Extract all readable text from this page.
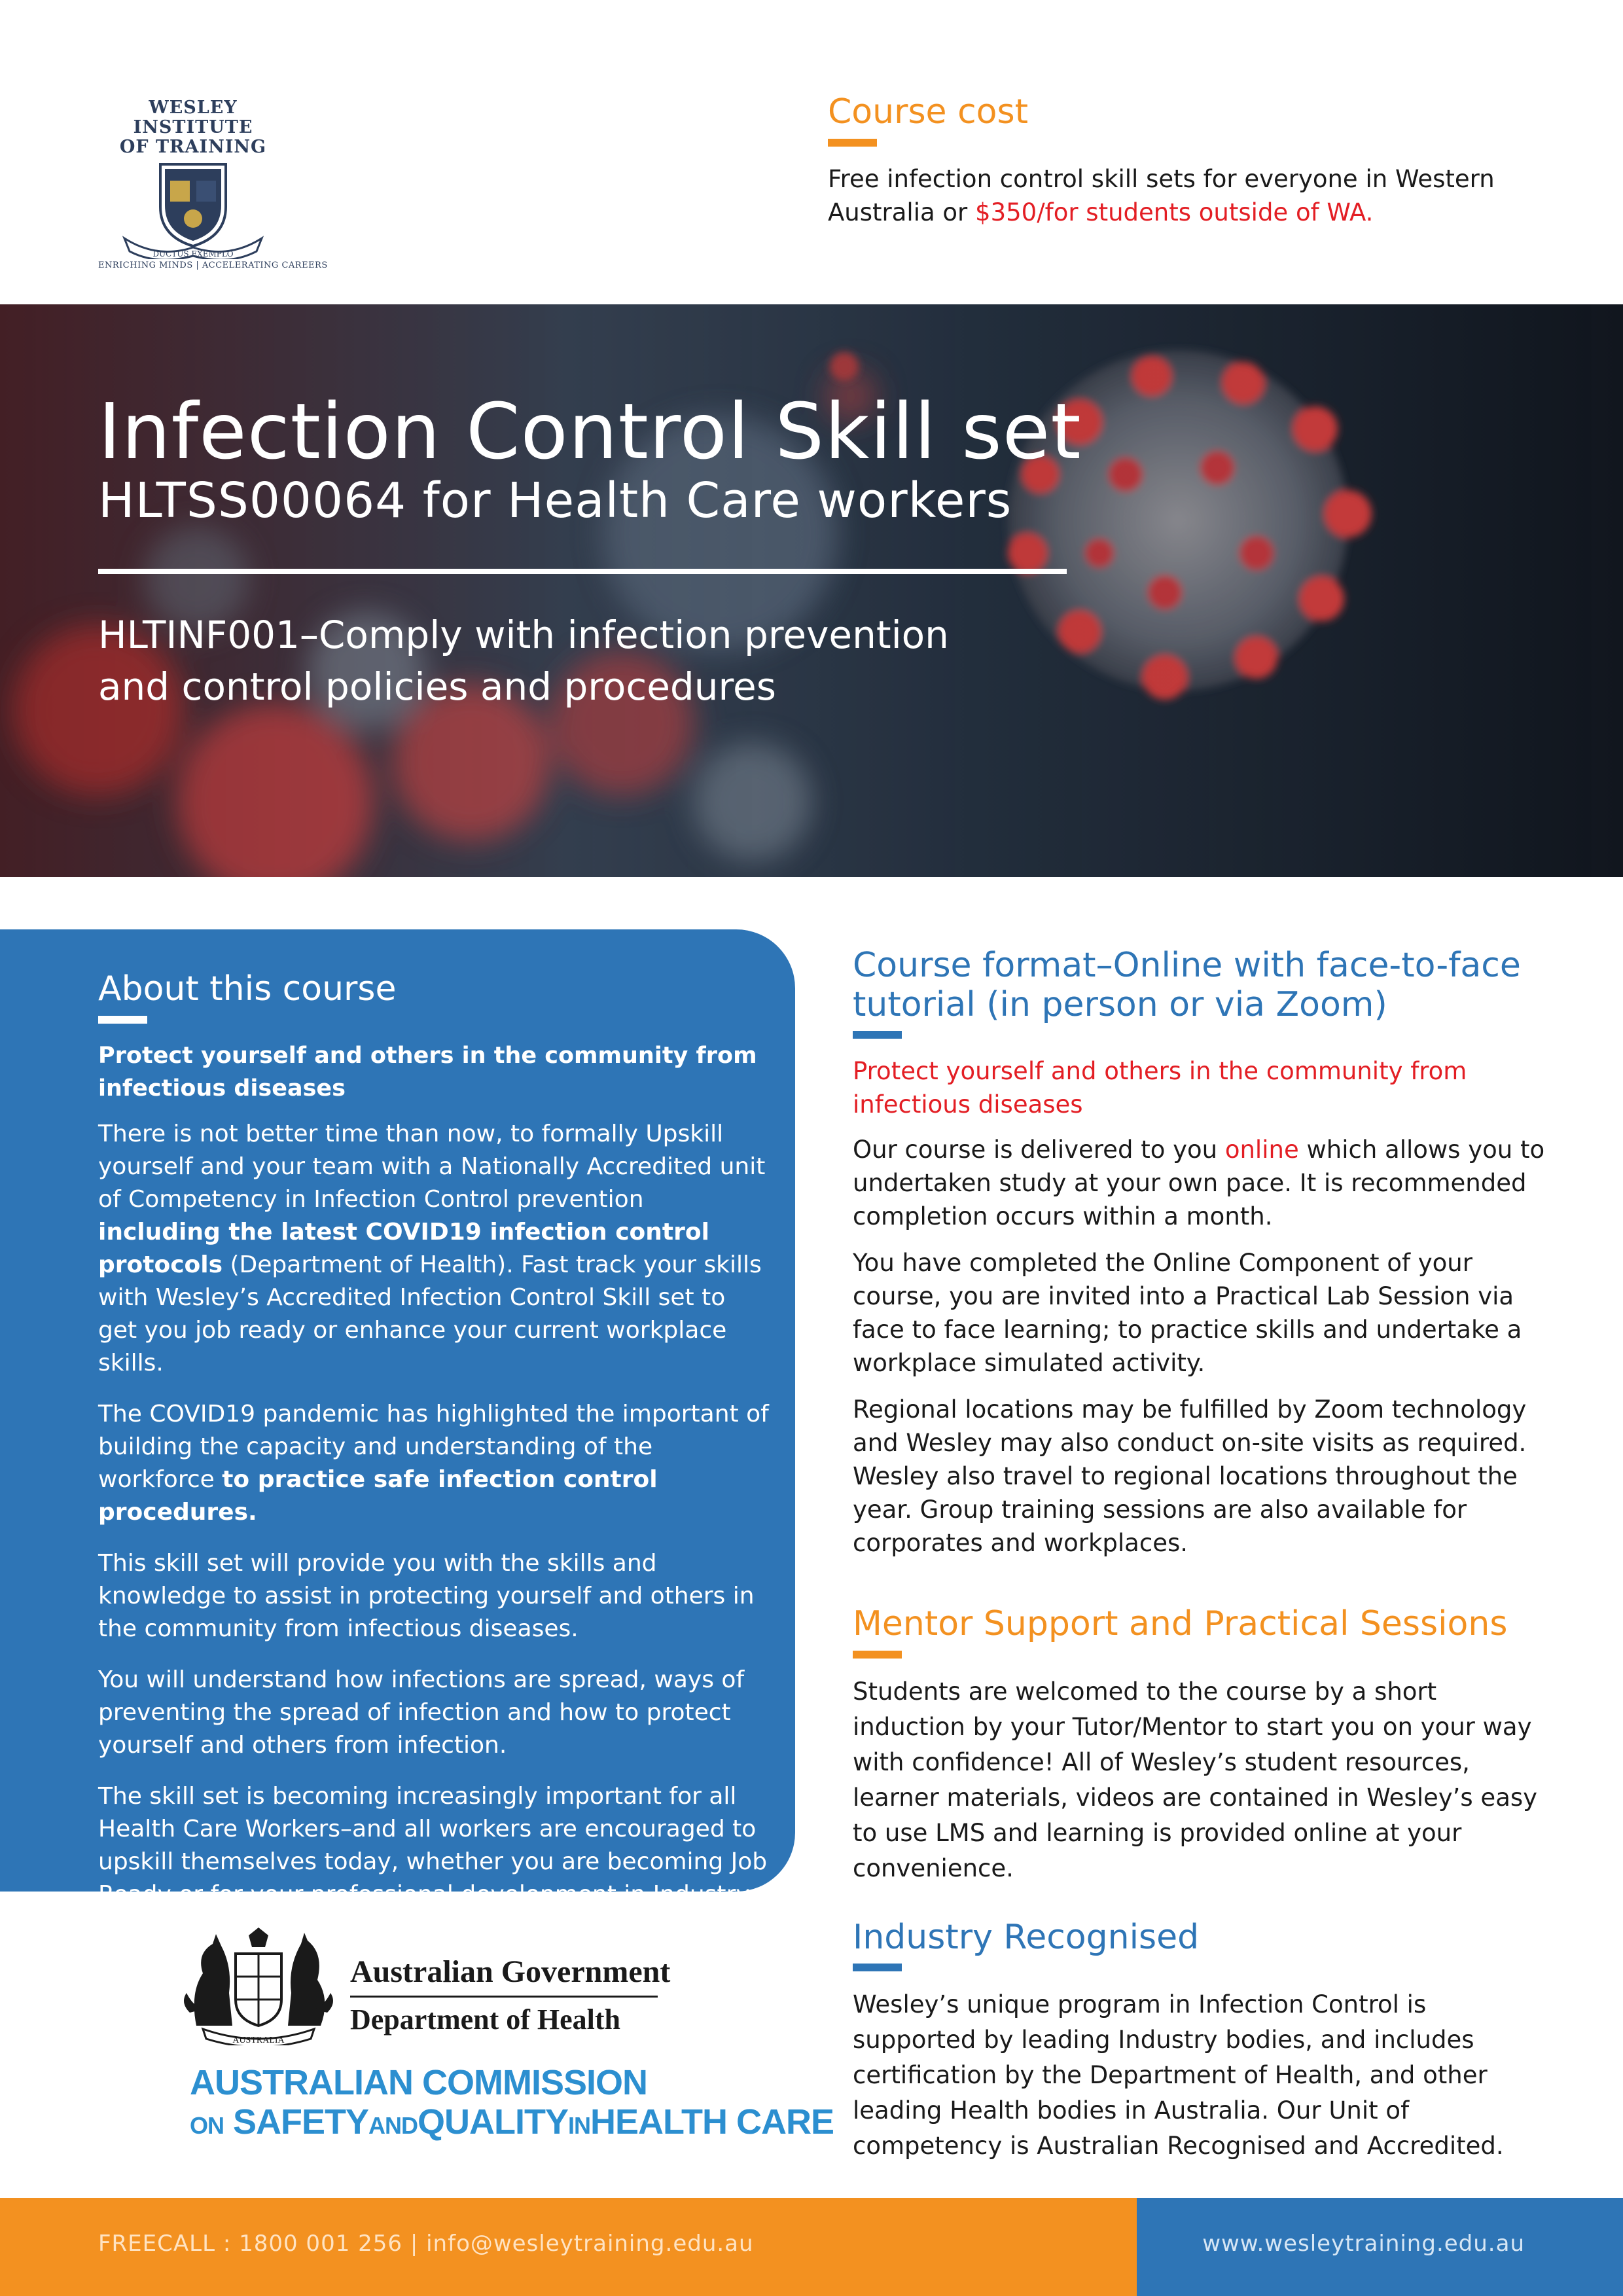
WESLEY INSTITUTE
OF TRAINING
DUCTUS EXEMPLO
ENRICHING MINDS | ACCELERATING CAREERS
Course cost

Free infection control skill sets for everyone in Western Australia or $350/for students outside of WA.

Infection Control Skill set
HLTSS00064 for Health Care workers
HLTINF001–Comply with infection prevention
and control policies and procedures
About this course

Protect yourself and others in the community from infectious diseases

There is not better time than now, to formally Upskill yourself and your team with a Nationally Accredited unit of Competency in Infection Control prevention including the latest COVID19 infection control protocols (Department of Health). Fast track your skills with Wesley’s Accredited Infection Control Skill set to get you job ready or enhance your current workplace skills.

The COVID19 pandemic has highlighted the important of building the capacity and understanding of the workforce to practice safe infection control procedures.

This skill set will provide you with the skills and knowledge to assist in protecting yourself and others in the community from infectious diseases.

You will understand how infections are spread, ways of preventing the spread of infection and how to protect yourself and others from infection.

The skill set is becoming increasingly important for all Health Care Workers–and all workers are encouraged to upskill themselves today, whether you are becoming Job Ready or for your professional development in Industry.

Course format–Online with face-to-face tutorial (in person or via Zoom)

Protect yourself and others in the community from infectious diseases

Our course is delivered to you online which allows you to undertaken study at your own pace. It is recommended completion occurs within a month.

You have completed the Online Component of your course, you are invited into a Practical Lab Session via face to face learning; to practice skills and undertake a workplace simulated activity.

Regional locations may be fulfilled by Zoom technology and Wesley may also conduct on-site visits as required. Wesley also travel to regional locations throughout the year. Group training sessions are also available for corporates and workplaces.

Mentor Support and Practical Sessions

Students are welcomed to the course by a short induction by your Tutor/Mentor to start you on your way with confidence! All of Wesley’s student resources, learner materials, videos are contained in Wesley’s easy to use LMS and learning is provided online at your convenience.

Industry Recognised

Wesley’s unique program in Infection Control is supported by leading Industry bodies, and includes certification by the Department of Health, and other leading Health bodies in Australia. Our Unit of competency is Australian Recognised and Accredited.

AUSTRALIA
Australian Government
Department of Health
AUSTRALIAN COMMISSION
ON SAFETYANDQUALITYINHEALTH CARE
FREECALL : 1800 001 256 | info@wesleytraining.edu.au	www.wesleytraining.edu.au
